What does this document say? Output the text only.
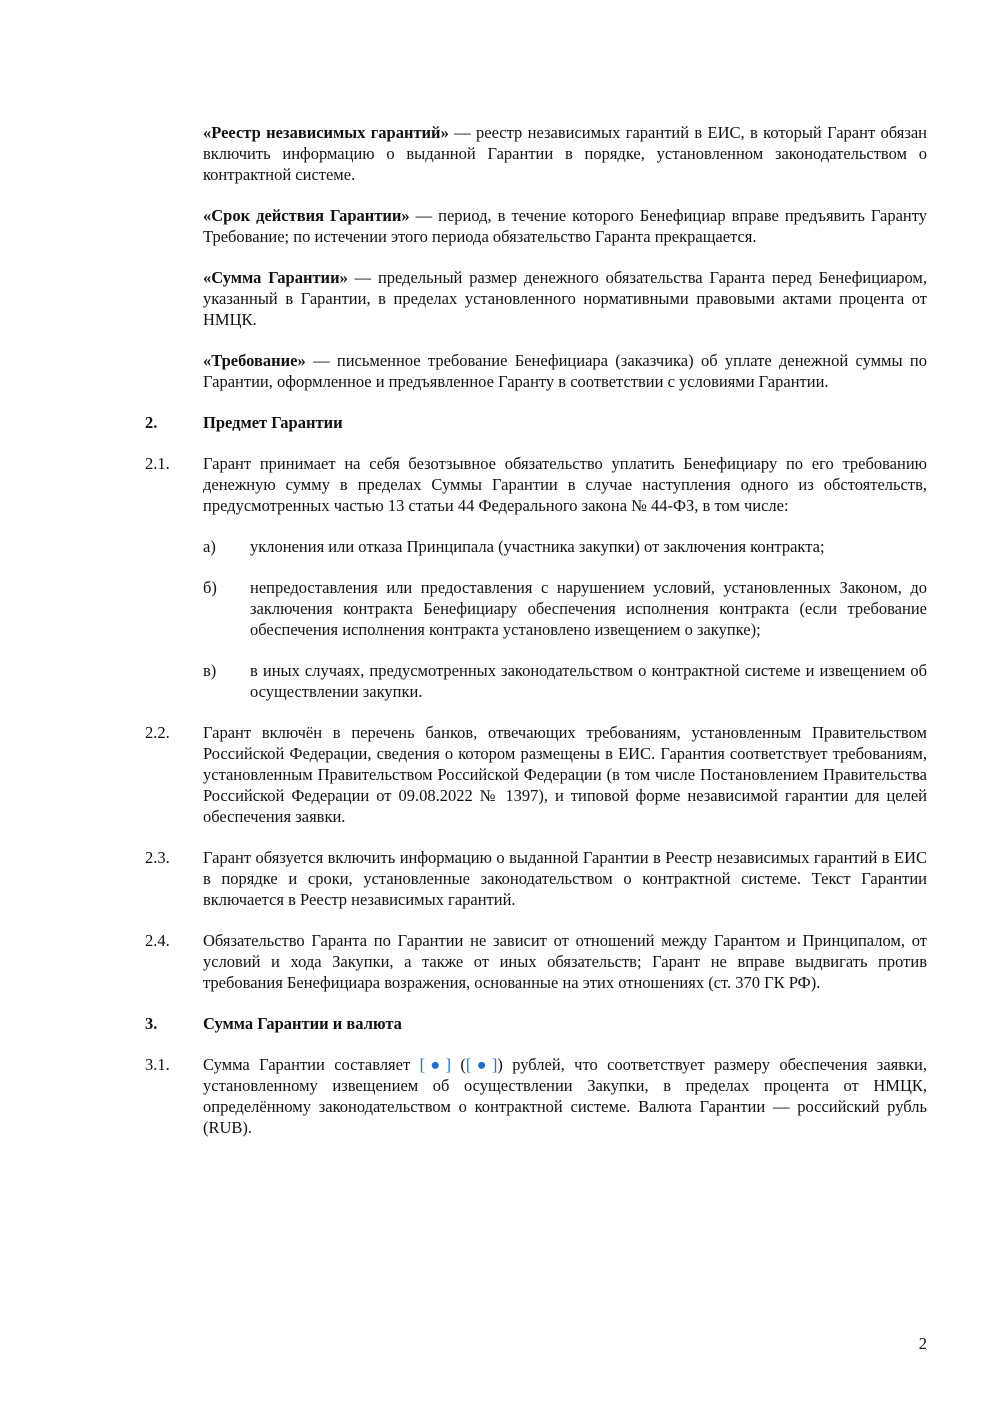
«Реестр независимых гарантий» — реестр независимых гарантий в ЕИС, в который Гарант обязан включить информацию о выданной Гарантии в порядке, установленном законодательством о контрактной системе.

«Срок действия Гарантии» — период, в течение которого Бенефициар вправе предъявить Гаранту Требование; по истечении этого периода обязательство Гаранта прекращается.

«Сумма Гарантии» — предельный размер денежного обязательства Гаранта перед Бенефициаром, указанный в Гарантии, в пределах установленного нормативными правовыми актами процента от НМЦК.

«Требование» — письменное требование Бенефициара (заказчика) об уплате денежной суммы по Гарантии, оформленное и предъявленное Гаранту в соответствии с условиями Гарантии.

2.	Предмет Гарантии
2.1.	Гарант принимает на себя безотзывное обязательство уплатить Бенефициару по его требованию денежную сумму в пределах Суммы Гарантии в случае наступления одного из обстоятельств, предусмотренных частью 13 статьи 44 Федерального закона № 44-ФЗ, в том числе:
а)	уклонения или отказа Принципала (участника закупки) от заключения контракта;
б)	непредоставления или предоставления с нарушением условий, установленных Законом, до заключения контракта Бенефициару обеспечения исполнения контракта (если требование обеспечения исполнения контракта установлено извещением о закупке);
в)	в иных случаях, предусмотренных законодательством о контрактной системе и извещением об осуществлении закупки.
2.2.	Гарант включён в перечень банков, отвечающих требованиям, установленным Правительством Российской Федерации, сведения о котором размещены в ЕИС. Гарантия соответствует требованиям, установленным Правительством Российской Федерации (в том числе Постановлением Правительства Российской Федерации от 09.08.2022 № 1397), и типовой форме независимой гарантии для целей обеспечения заявки.
2.3.	Гарант обязуется включить информацию о выданной Гарантии в Реестр независимых гарантий в ЕИС в порядке и сроки, установленные законодательством о контрактной системе. Текст Гарантии включается в Реестр независимых гарантий.
2.4.	Обязательство Гаранта по Гарантии не зависит от отношений между Гарантом и Принципалом, от условий и хода Закупки, а также от иных обязательств; Гарант не вправе выдвигать против требования Бенефициара возражения, основанные на этих отношениях (ст. 370 ГК РФ).
3.	Сумма Гарантии и валюта
3.1.	Сумма Гарантии составляет [●] ([●]) рублей, что соответствует размеру обеспечения заявки, установленному извещением об осуществлении Закупки, в пределах процента от НМЦК, определённому законодательством о контрактной системе. Валюта Гарантии — российский рубль (RUB).
2
